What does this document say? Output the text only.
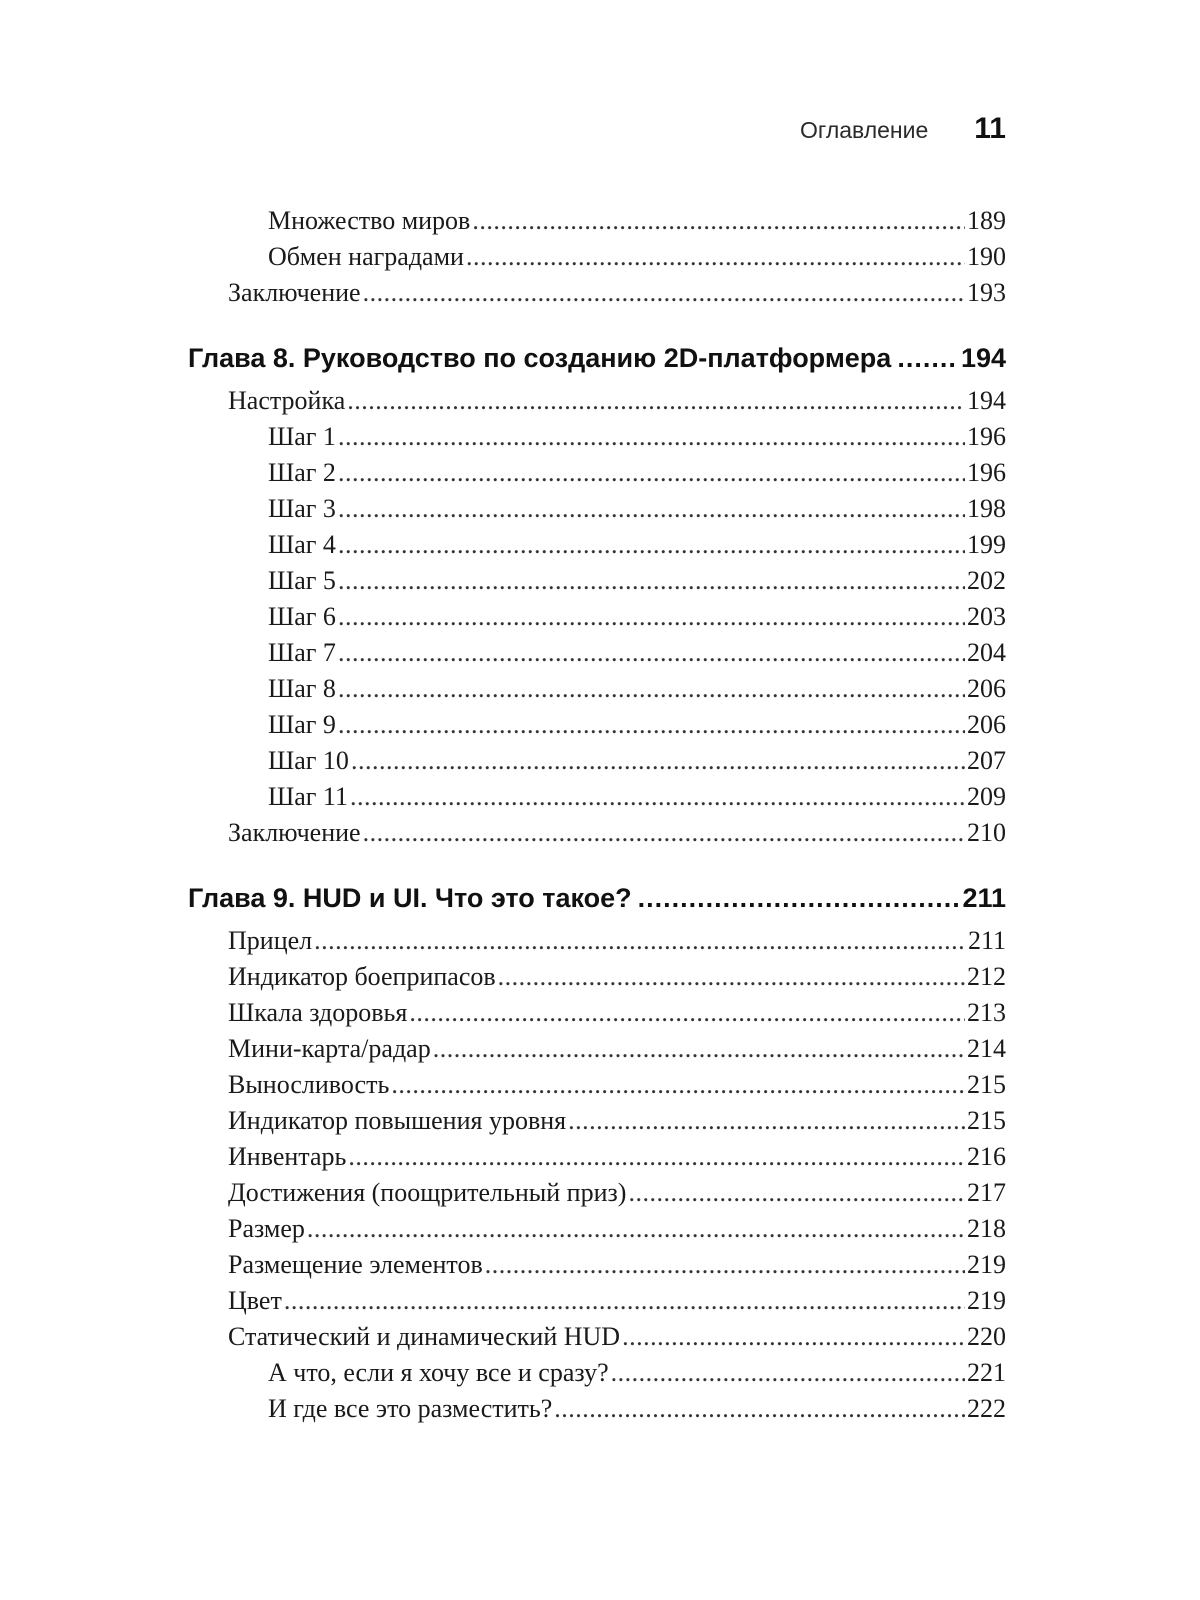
Оглавление 11
Множество миров .....	189
Обмен наградами .....	190
Заключение .....	193
Глава 8. Руководство по созданию 2D-платформера .....	194
Настройка .....	194
Шаг 1 .....	196
Шаг 2 .....	196
Шаг 3 .....	198
Шаг 4 .....	199
Шаг 5 .....	202
Шаг 6 .....	203
Шаг 7 .....	204
Шаг 8 .....	206
Шаг 9 .....	206
Шаг 10 .....	207
Шаг 11 .....	209
Заключение .....	210
Глава 9. HUD и UI. Что это такое? .....	211
Прицел .....	211
Индикатор боеприпасов .....	212
Шкала здоровья .....	213
Мини-карта/радар .....	214
Выносливость .....	215
Индикатор повышения уровня .....	215
Инвентарь .....	216
Достижения (поощрительный приз) .....	217
Размер .....	218
Размещение элементов .....	219
Цвет .....	219
Статический и динамический HUD .....	220
А что, если я хочу все и сразу? .....	221
И где все это разместить? .....	222
